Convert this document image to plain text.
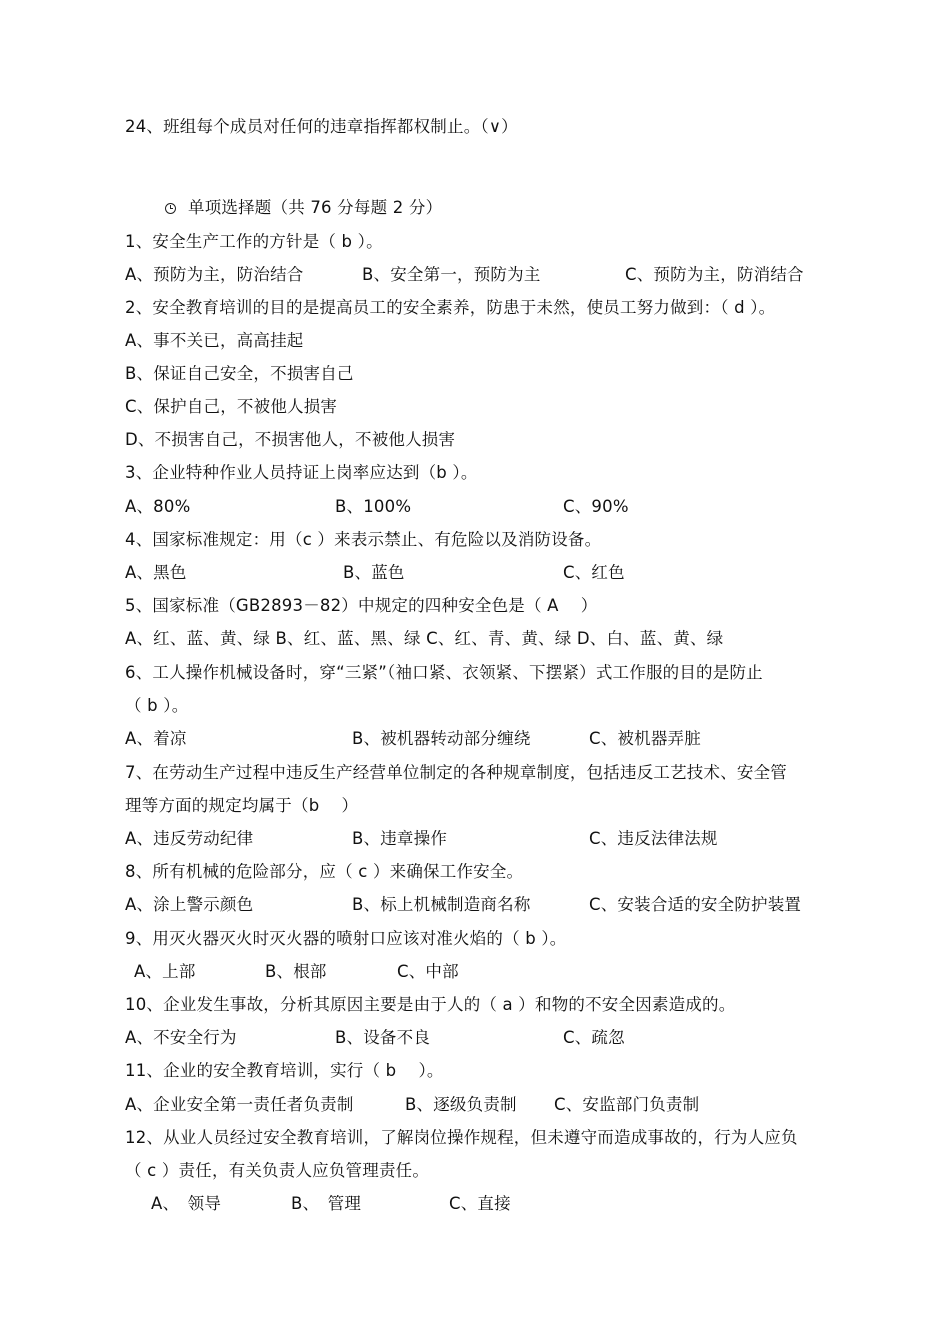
24、班组每个成员对任何的违章指挥都权制止。（∨）
单项选择题（共 76 分每题 2 分）
1、安全生产工作的方针是（ b ）。
A、预防为主，防治结合	B、安全第一，预防为主	C、预防为主，防消结合
2、安全教育培训的目的是提高员工的安全素养，防患于未然，使员工努力做到：（ d ）。
A、事不关已，高高挂起
B、保证自己安全，不损害自己
C、保护自己，不被他人损害
D、不损害自己，不损害他人，不被他人损害
3、企业特种作业人员持证上岗率应达到（b ）。
A、80%	B、100%	C、90%
4、国家标准规定：用（c ）来表示禁止、有危险以及消防设备。
A、黑色	B、蓝色	C、红色
5、国家标准（GB2893－82）中规定的四种安全色是（ A　 ）
A、红、蓝、黄、绿 B、红、蓝、黑、绿 C、红、青、黄、绿 D、白、蓝、黄、绿
6、工人操作机械设备时，穿“三紧”（袖口紧、衣领紧、下摆紧）式工作服的目的是防止
（ b ）。
A、着凉	B、被机器转动部分缠绕	C、被机器弄脏
7、在劳动生产过程中违反生产经营单位制定的各种规章制度，包括违反工艺技术、安全管
理等方面的规定均属于（b　 ）
A、违反劳动纪律	B、违章操作	C、违反法律法规
8、所有机械的危险部分，应（ c ）来确保工作安全。
A、涂上警示颜色	B、标上机械制造商名称	C、安装合适的安全防护装置
9、用灭火器灭火时灭火器的喷射口应该对准火焰的（ b ）。
A、上部	B、根部	C、中部
10、企业发生事故，分析其原因主要是由于人的（ a ）和物的不安全因素造成的。
A、不安全行为	B、设备不良	C、疏忽
11、企业的安全教育培训，实行（ b　 ）。
A、企业安全第一责任者负责制	B、逐级负责制 C、安监部门负责制
12、从业人员经过安全教育培训，了解岗位操作规程，但未遵守而造成事故的，行为人应负
（ c ）责任，有关负责人应负管理责任。
A、　领导	B、　管理	C、直接
